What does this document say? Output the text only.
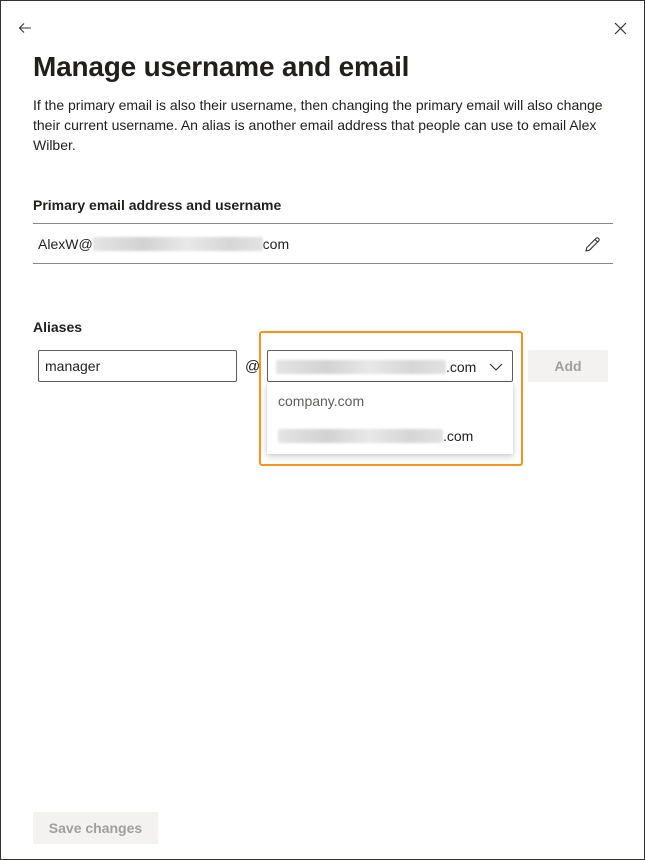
Manage username and email
If the primary email is also their username, then changing the primary email will also change their current username. An alias is another email address that people can use to email Alex Wilber.
Primary email address and username
AlexW@	com
Aliases
manager
@	.com
company.com
.com
Add
Save changes
